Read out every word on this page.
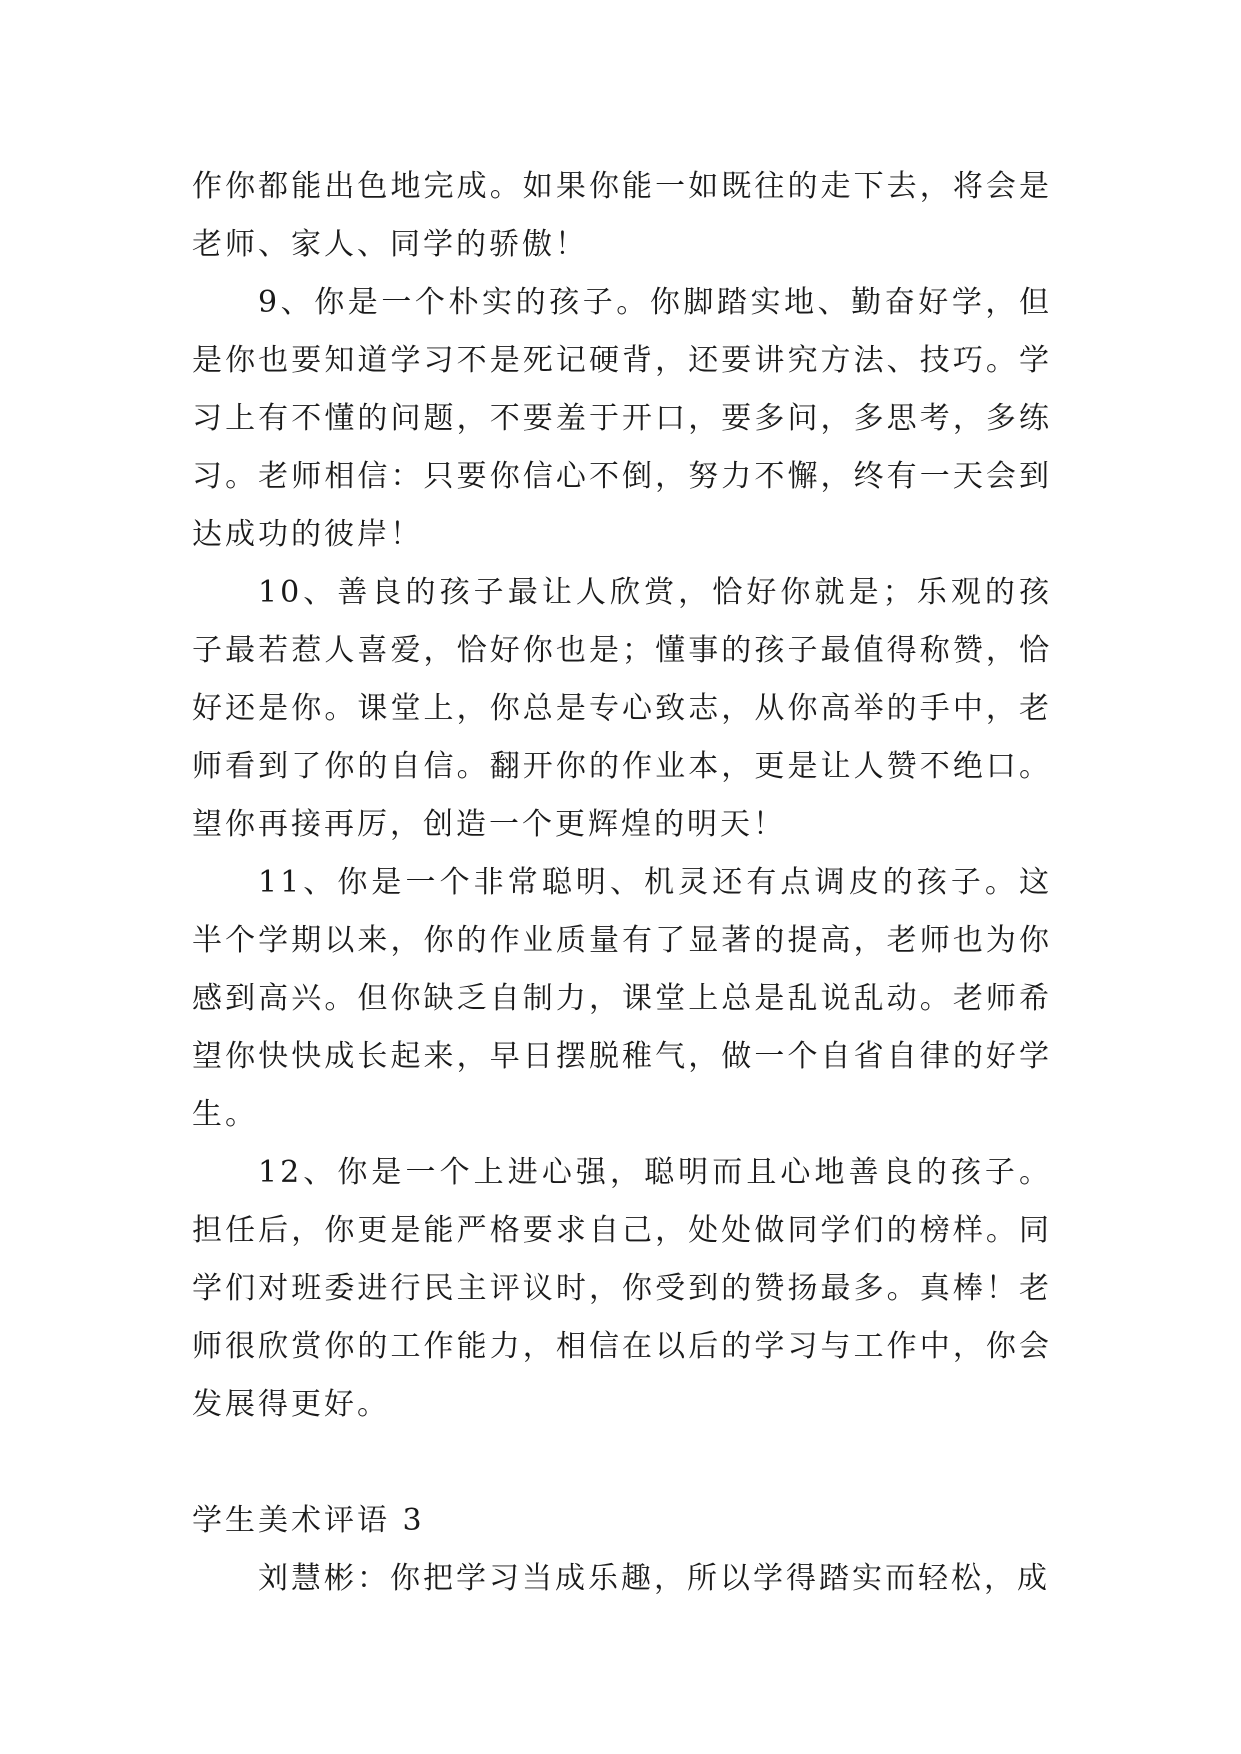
作你都能出色地完成。如果你能一如既往的走下去，将会是老师、家人、同学的骄傲！

9、你是一个朴实的孩子。你脚踏实地、勤奋好学，但是你也要知道学习不是死记硬背，还要讲究方法、技巧。学习上有不懂的问题，不要羞于开口，要多问，多思考，多练习。老师相信：只要你信心不倒，努力不懈，终有一天会到达成功的彼岸！

10、善良的孩子最让人欣赏，恰好你就是；乐观的孩子最若惹人喜爱，恰好你也是；懂事的孩子最值得称赞，恰好还是你。课堂上，你总是专心致志，从你高举的手中，老师看到了你的自信。翻开你的作业本，更是让人赞不绝口。望你再接再厉，创造一个更辉煌的明天！

11、你是一个非常聪明、机灵还有点调皮的孩子。这半个学期以来，你的作业质量有了显著的提高，老师也为你感到高兴。但你缺乏自制力，课堂上总是乱说乱动。老师希望你快快成长起来，早日摆脱稚气，做一个自省自律的好学生。

12、你是一个上进心强，聪明而且心地善良的孩子。担任后，你更是能严格要求自己，处处做同学们的榜样。同学们对班委进行民主评议时，你受到的赞扬最多。真棒！老师很欣赏你的工作能力，相信在以后的学习与工作中，你会发展得更好。

学生美术评语 3

刘慧彬：你把学习当成乐趣，所以学得踏实而轻松，成
